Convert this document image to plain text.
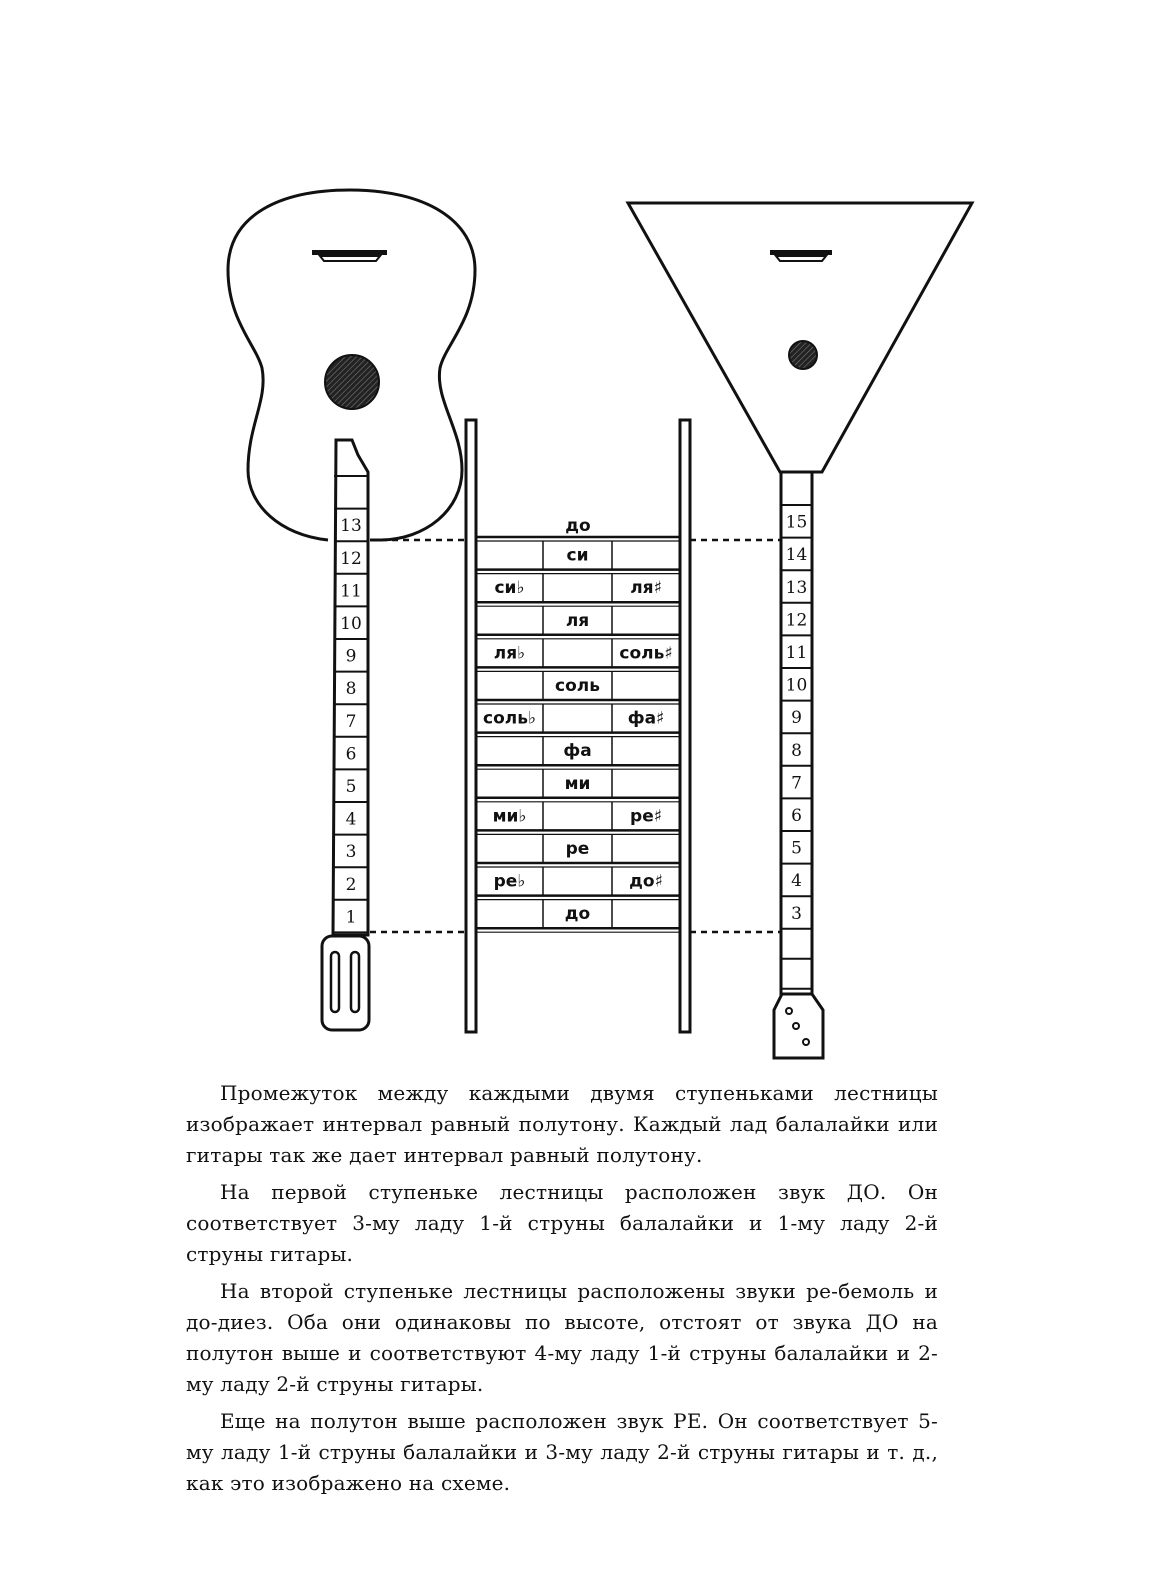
13
12
11
10
9
8
7
6
5
4
3
2
1
до
си
си♭	ля♯
ля
ля♭	соль♯
соль
соль♭	фа♯
фа
ми
ми♭	ре♯
ре
ре♭	до♯
до
15
14
13
12
11
10
9
8
7
6
5
4
3

Промежуток между каждыми двумя ступеньками лестницы изображает интервал равный полутону. Каждый лад балалайки или гитары так же дает интервал равный полутону.

На первой ступеньке лестницы расположен звук ДО. Он соответствует 3-му ладу 1-й струны балалайки и 1-му ладу 2-й струны гитары.

На второй ступеньке лестницы расположены звуки ре-бемоль и до-диез. Оба они одинаковы по высоте, отстоят от звука ДО на полутон выше и соответствуют 4-му ладу 1-й струны балалайки и 2-му ладу 2-й струны гитары.

Еще на полутон выше расположен звук РЕ. Он соответствует 5-му ладу 1-й струны балалайки и 3-му ладу 2-й струны гитары и т. д., как это изображено на схеме.
